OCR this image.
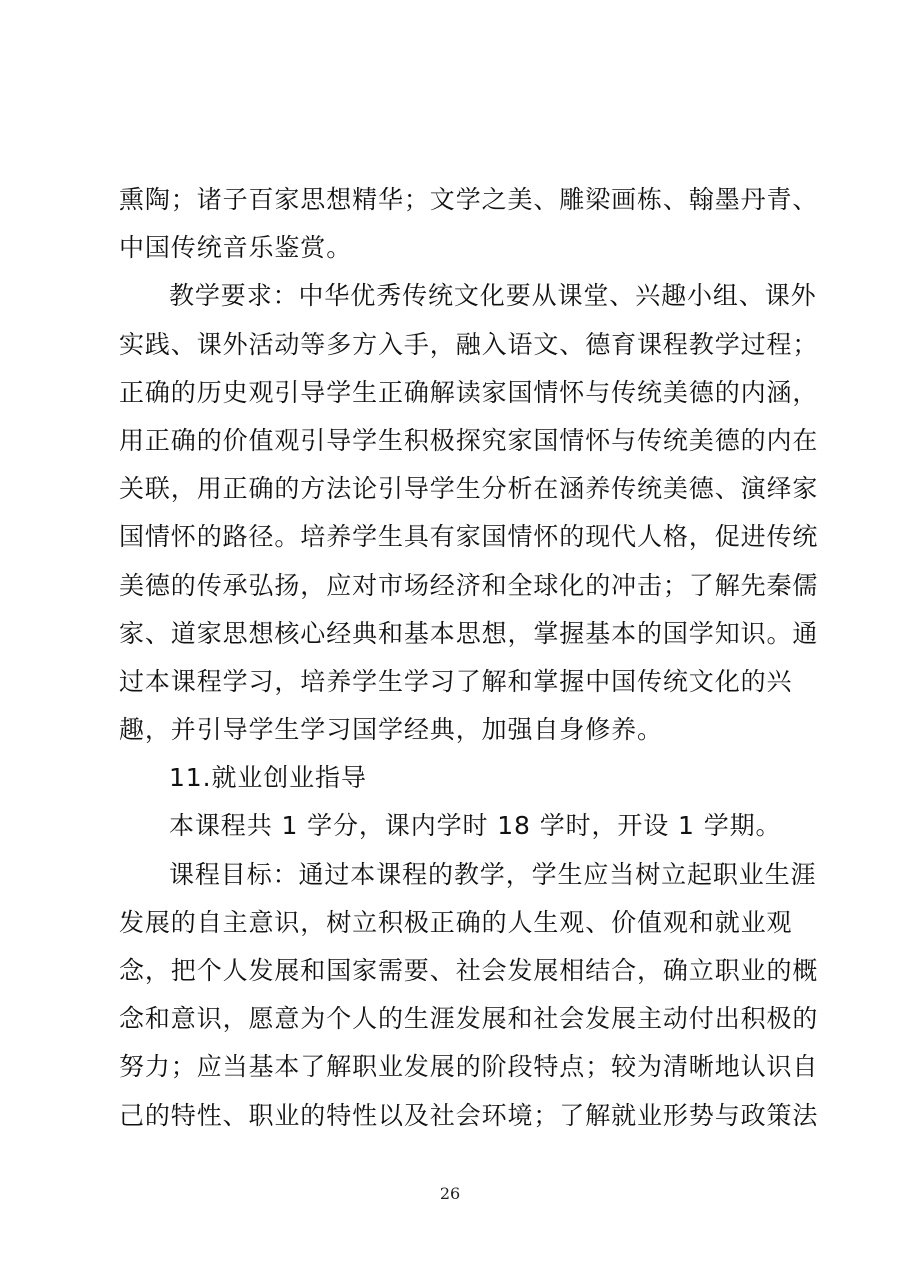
熏陶；诸子百家思想精华；文学之美、雕梁画栋、翰墨丹青、
中国传统音乐鉴赏。
教学要求：中华优秀传统文化要从课堂、兴趣小组、课外
实践、课外活动等多方入手，融入语文、德育课程教学过程；
正确的历史观引导学生正确解读家国情怀与传统美德的内涵，
用正确的价值观引导学生积极探究家国情怀与传统美德的内在
关联，用正确的方法论引导学生分析在涵养传统美德、演绎家
国情怀的路径。培养学生具有家国情怀的现代人格，促进传统
美德的传承弘扬，应对市场经济和全球化的冲击；了解先秦儒
家、道家思想核心经典和基本思想，掌握基本的国学知识。通
过本课程学习，培养学生学习了解和掌握中国传统文化的兴
趣，并引导学生学习国学经典，加强自身修养。
11.就业创业指导
本课程共 1 学分，课内学时 18 学时，开设 1 学期。
课程目标：通过本课程的教学，学生应当树立起职业生涯
发展的自主意识，树立积极正确的人生观、价值观和就业观
念，把个人发展和国家需要、社会发展相结合，确立职业的概
念和意识，愿意为个人的生涯发展和社会发展主动付出积极的
努力；应当基本了解职业发展的阶段特点；较为清晰地认识自
己的特性、职业的特性以及社会环境；了解就业形势与政策法
26
